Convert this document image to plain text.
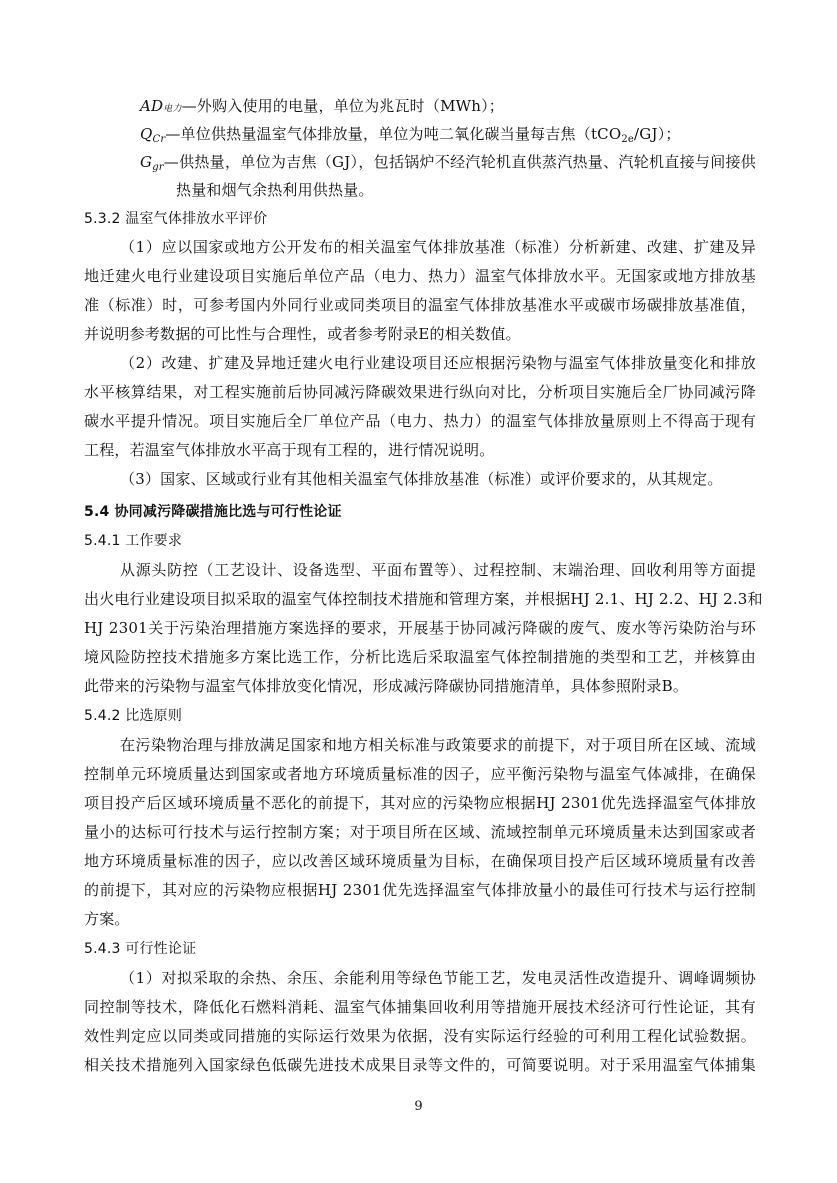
AD电力—外购入使用的电量，单位为兆瓦时（MWh）；
$Q_{Cr}—$单位供热量温室气体排放量，单位为吨二氧化碳当量每吉焦（tCO$_{2e}$/GJ）；
$G_{gr}—$供热量，单位为吉焦（GJ），包括锅炉不经汽轮机直供蒸汽热量、汽轮机直接与间接供
热量和烟气余热利用供热量。
5.3.2 温室气体排放水平评价
（1）应以国家或地方公开发布的相关温室气体排放基准（标准）分析新建、改建、扩建及异
地迁建火电行业建设项目实施后单位产品（电力、热力）温室气体排放水平。无国家或地方排放基
准（标准）时，可参考国内外同行业或同类项目的温室气体排放基准水平或碳市场碳排放基准值，
并说明参考数据的可比性与合理性，或者参考附录E的相关数值。
（2）改建、扩建及异地迁建火电行业建设项目还应根据污染物与温室气体排放量变化和排放
水平核算结果，对工程实施前后协同减污降碳效果进行纵向对比，分析项目实施后全厂协同减污降
碳水平提升情况。项目实施后全厂单位产品（电力、热力）的温室气体排放量原则上不得高于现有
工程，若温室气体排放水平高于现有工程的，进行情况说明。
（3）国家、区域或行业有其他相关温室气体排放基准（标准）或评价要求的，从其规定。
5.4 协同减污降碳措施比选与可行性论证
5.4.1 工作要求
从源头防控（工艺设计、设备选型、平面布置等）、过程控制、末端治理、回收利用等方面提
出火电行业建设项目拟采取的温室气体控制技术措施和管理方案，并根据HJ 2.1、HJ 2.2、HJ 2.3和
HJ 2301关于污染治理措施方案选择的要求，开展基于协同减污降碳的废气、废水等污染防治与环
境风险防控技术措施多方案比选工作，分析比选后采取温室气体控制措施的类型和工艺，并核算由
此带来的污染物与温室气体排放变化情况，形成减污降碳协同措施清单，具体参照附录B。
5.4.2 比选原则
在污染物治理与排放满足国家和地方相关标准与政策要求的前提下，对于项目所在区域、流域
控制单元环境质量达到国家或者地方环境质量标准的因子，应平衡污染物与温室气体减排，在确保
项目投产后区域环境质量不恶化的前提下，其对应的污染物应根据HJ 2301优先选择温室气体排放
量小的达标可行技术与运行控制方案；对于项目所在区域、流域控制单元环境质量未达到国家或者
地方环境质量标准的因子，应以改善区域环境质量为目标，在确保项目投产后区域环境质量有改善
的前提下，其对应的污染物应根据HJ 2301优先选择温室气体排放量小的最佳可行技术与运行控制
方案。
5.4.3 可行性论证
（1）对拟采取的余热、余压、余能利用等绿色节能工艺，发电灵活性改造提升、调峰调频协
同控制等技术，降低化石燃料消耗、温室气体捕集回收利用等措施开展技术经济可行性论证，其有
效性判定应以同类或同措施的实际运行效果为依据，没有实际运行经验的可利用工程化试验数据。
相关技术措施列入国家绿色低碳先进技术成果目录等文件的，可简要说明。对于采用温室气体捕集
9
